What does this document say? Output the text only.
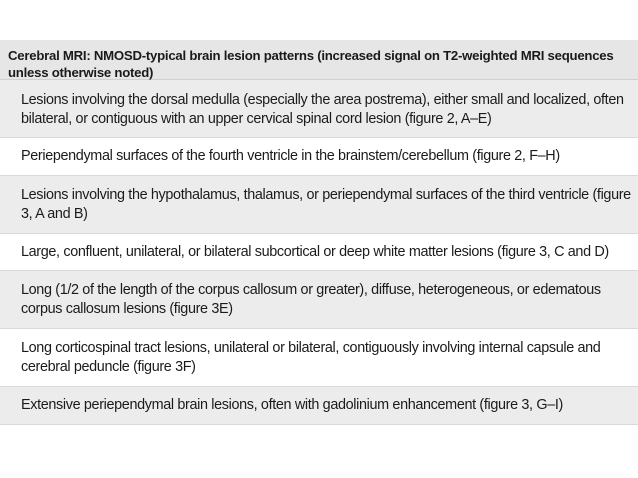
Cerebral MRI: NMOSD-typical brain lesion patterns (increased signal on T2-weighted MRI sequences unless otherwise noted)
Lesions involving the dorsal medulla (especially the area postrema), either small and localized, often bilateral, or contiguous with an upper cervical spinal cord lesion (figure 2, A–E)
Periependymal surfaces of the fourth ventricle in the brainstem/cerebellum (figure 2, F–H)
Lesions involving the hypothalamus, thalamus, or periependymal surfaces of the third ventricle (figure 3, A and B)
Large, confluent, unilateral, or bilateral subcortical or deep white matter lesions (figure 3, C and D)
Long (1/2 of the length of the corpus callosum or greater), diffuse, heterogeneous, or edematous corpus callosum lesions (figure 3E)
Long corticospinal tract lesions, unilateral or bilateral, contiguously involving internal capsule and cerebral peduncle (figure 3F)
Extensive periependymal brain lesions, often with gadolinium enhancement (figure 3, G–I)
